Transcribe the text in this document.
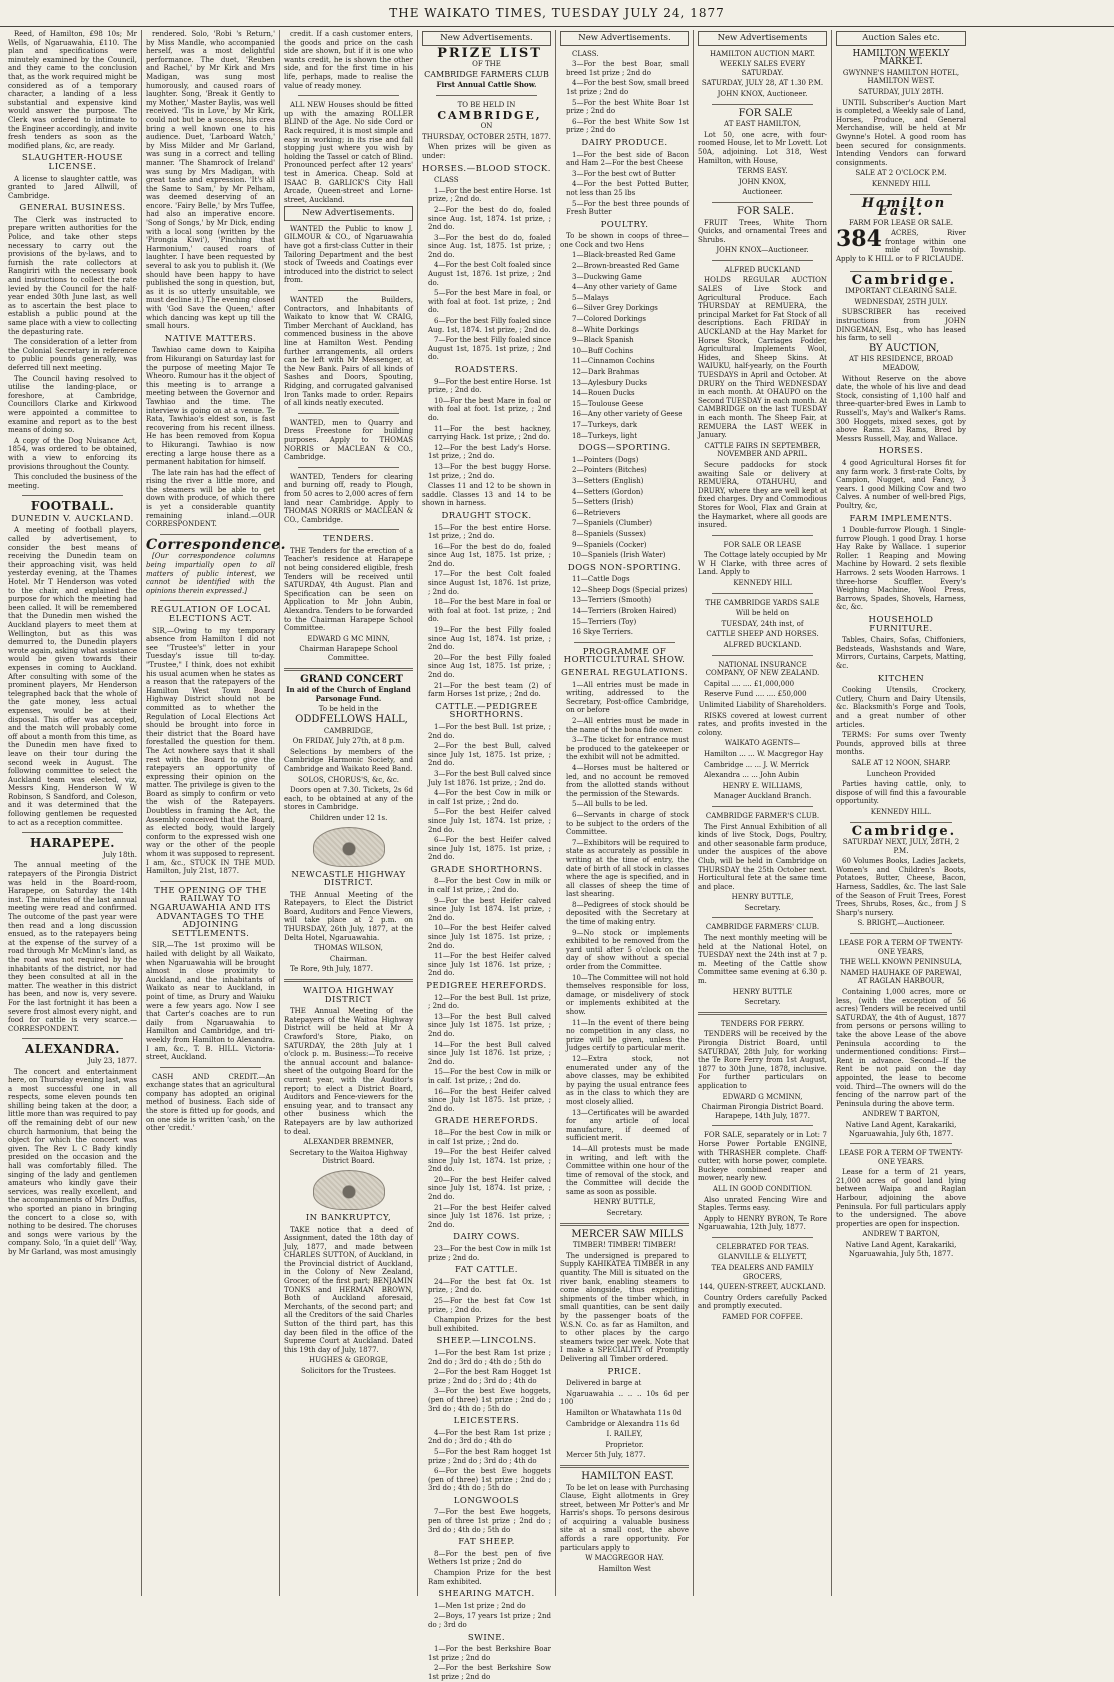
THE WAIKATO TIMES, TUESDAY JULY 24, 1877

Reed, of Hamilton, £98 10s; Mr Wells, of Ngaruawahia, £110. The plan and specifications were minutely examined by the Council, and they came to the conclusion that, as the work required might be considered as of a temporary character, a landing of a less substantial and expensive kind would answer the purpose. The Clerk was ordered to intimate to the Engineer accordingly, and invite fresh tenders as soon as the modified plans, &c, are ready.

SLAUGHTER-HOUSE LICENSE.

A license to slaughter cattle, was granted to Jared Allwill, of Cambridge.

GENERAL BUSINESS.

The Clerk was instructed to prepare written authorities for the Police, and take other steps necessary to carry out the provisions of the by-laws, and to furnish the rate collectors at Rangiriri with the necessary book and instructions to collect the rate levied by the Council for the half-year ended 30th June last, as well as to ascertain the best place to establish a public pound at the same place with a view to collecting the depasturing rate.

The consideration of a letter from the Colonial Secretary in reference to public pounds generally, was deferred till next meeting.

The Council having resolved to utilise the landing-place, or foreshore, at Cambridge, Councillors Clarke and Kirkwood were appointed a committee to examine and report as to the best means of doing so.

A copy of the Dog Nuisance Act, 1854, was ordered to be obtained, with a view to enforcing its provisions throughout the County.

This concluded the business of the meeting.

FOOTBALL.
DUNEDIN V. AUCKLAND.

A meeting of football players, called by advertisement, to consider the best means of receiving the Dunedin team on their approaching visit, was held yesterday evening, at the Thames Hotel. Mr T Henderson was voted to the chair, and explained the purpose for which the meeting had been called. It will be remembered that the Dunedin men wished the Auckland players to meet them at Wellington, but as this was demurred to, the Dunedin players wrote again, asking what assistance would be given towards their expenses in coming to Auckland. After consulting with some of the prominent players, Mr Henderson telegraphed back that the whole of the gate money, less actual expenses, would be at their disposal. This offer was accepted, and the match will probably come off about a month from this time, as the Dunedin men have fixed to leave on their tour during the second week in August. The following committee to select the Auckland team was elected, viz, Messrs King, Henderson W W Robinson, S Sandford, and Coleson, and it was determined that the following gentlemen be requested to act as a reception committee.

HARAPEPE.

July 18th.

The annual meeting of the ratepayers of the Pirongia District was held in the Board-room, Harapepe, on Saturday the 14th inst. The minutes of the last annual meeting were read and confirmed. The outcome of the past year were then read and a long discussion ensued, as to the ratepayers being at the expense of the survey of a road through Mr McMinn's land, as the road was not required by the inhabitants of the district, nor had they been consulted at all in the matter. The weather in this district has been, and now is, very severe. For the last fortnight it has been a severe frost almost every night, and food for cattle is very scarce.—CORRESPONDENT.

ALEXANDRA.

July 23, 1877.

The concert and entertainment here, on Thursday evening last, was a most successful one in all respects, some eleven pounds ten shilling being taken at the door, a little more than was required to pay off the remaining debt of our new church harmonium, that being the object for which the concert was given. The Rev L C Bady kindly presided on the occasion and the hall was comfortably filled. The singing of the lady and gentlemen amateurs who kindly gave their services, was really excellent, and the accompaniments of Mrs Duffus, who sported an piano in bringing the concert to a close so, with nothing to be desired. The choruses and songs were various by the company. Solo, 'In a quiet dell' 'Way, by Mr Garland, was most amusingly

rendered. Solo, 'Robi 's Return,' by Miss Mandle, who accompanied herself, was a most delightful performance. The duet, 'Reuben and Rachel,' by Mr Kirk and Mrs Madigan, was sung most humorously, and caused roars of laughter. Song, 'Break it Gently to my Mother,' Master Baylis, was well received. 'Tis in Love,' by Mr Kirk, could not but be a success, his crea bring a well known one to his audience. Duet, 'Larboard Watch,' by Miss Milder and Mr Garland, was sung in a correct and telling manner. 'The Shamrock of Ireland' was sung by Mrs Madigan, with great taste and expression. 'It's all the Same to Sam,' by Mr Pelham, was deemed deserving of an encore. 'Fairy Belle,' by Mrs Tuffee, had also an imperative encore. 'Song of Songs,' by Mr Dick, ending with a local song (written by the 'Pirongia Kiwi'), 'Pinching that Harmonium,' caused roars of laughter. I have been requested by several to ask you to publish it. (We should have been happy to have published the song in question, but, as it is so utterly unsuitable, we must decline it.) The evening closed with 'God Save the Queen,' after which dancing was kept up till the small hours.

NATIVE MATTERS.

Tawhiao came down to Kaipiha from Hikurangi on Saturday last for the purpose of meeting Major Te Wheoro. Rumour has it the object of this meeting is to arrange a meeting between the Governor and Tawhiao and the time. The interview is going on at a venue. Te Rata, Tawhiao's eldest son, is fast recovering from his recent illness. He has been removed from Kopua to Hikurangi. Tawhiao is now erecting a large house there as a permanent habitation for himself.

The late rain has had the effect of rising the river a little more, and the steamers will be able to get down with produce, of which there is yet a considerable quantity remaining inland.—OUR CORRESPONDENT.

Correspondence.

[Our correspondence columns being impartially open to all matters of public interest, we cannot be identified with the opinions therein expressed.]

REGULATION OF LOCAL ELECTIONS ACT.

SIR,—Owing to my temporary absence from Hamilton I did not see "Trustee's" letter in your Tuesday's issue till to-day. "Trustee," I think, does not exhibit his usual acumen when he states as a reason that the ratepayers of the Hamilton West Town Board Highway District should not be committed as to whether the Regulation of Local Elections Act should be brought into force in their district that the Board have forestalled the question for them. The Act nowhere says that it shall rest with the Board to give the ratepayers an opportunity of expressing their opinion on the matter. The privilege is given to the Board as simply to confirm or veto the wish of the Ratepayers. Doubtless in framing the Act, the Assembly conceived that the Board, as elected body, would largely conform to the expressed wish one way or the other of the people whom it was supposed to represent. I am, &c., STUCK IN THE MUD. Hamilton, July 21st, 1877.

THE OPENING OF THE RAILWAY TO NGARUAWAHIA AND ITS ADVANTAGES TO THE ADJOINING SETTLEMENTS.

SIR,—The 1st proximo will be hailed with delight by all Waikato, when Ngaruawahia will be brought almost in close proximity to Auckland, and the inhabitants of Waikato as near to Auckland, in point of time, as Drury and Waiuku were a few years ago. Now I see that Carter's coaches are to run daily from Ngaruawahia to Hamilton and Cambridge, and tri-weekly from Hamilton to Alexandra. I am, &c., T. B. HILL. Victoria-street, Auckland.

CASH AND CREDIT.—An exchange states that an agricultural company has adopted an original method of business. Each side of the store is fitted up for goods, and on one side is written 'cash,' on the other 'credit.'

credit. If a cash customer enters, the goods and price on the cash side are shown, but if it is one who wants credit, he is shown the other side, and for the first time in his life, perhaps, made to realise the value of ready money.

ALL NEW Houses should be fitted up with the amazing ROLLER BLIND of the Age. No side Cord or Rack required, it is most simple and easy in working; in its rise and fall stopping just where you wish by holding the Tassel or catch of Blind. Pronounced perfect after 12 years' test in America. Cheap. Sold at ISAAC B. GARLICK'S City Hall Arcade, Queen-street and Lorne-street, Auckland.

New Advertisements.

WANTED the Public to know J. GILMOUR & CO., of Ngaruawahia have got a first-class Cutter in their Tailoring Department and the best stock of Tweeds and Coatings ever introduced into the district to select from.

WANTED the Builders, Contractors, and Inhabitants of Waikato to know that W. CRAIG, Timber Merchant of Auckland, has commenced business in the above line at Hamilton West. Pending further arrangements, all orders can be left with Mr Messenger, at the New Bank. Pairs of all kinds of Sashes and Doors, Spouting, Ridging, and corrugated galvanised Iron Tanks made to order. Repairs of all kinds neatly executed.

WANTED, men to Quarry and Dress Freestone for building purposes. Apply to THOMAS NORRIS or MACLEAN & CO., Cambridge.

WANTED, Tenders for clearing and burning off, ready to Plough, from 50 acres to 2,000 acres of fern land near Cambridge. Apply to THOMAS NORRIS or MACLEAN & CO., Cambridge.

TENDERS.

THE Tenders for the erection of a Teacher's residence at Harapepe not being considered eligible, fresh Tenders will be received until SATURDAY, 4th August. Plan and Specification can be seen on Application to Mr John Aubin, Alexandra. Tenders to be forwarded to the Chairman Harapepe School Committee.

EDWARD G MC MINN,

Chairman Harapepe School Committee.

GRAND CONCERT

In aid of the Church of England Parsonage Fund.

To be held in the

ODDFELLOWS HALL,

CAMBRIDGE,

On FRIDAY, July 27th, at 8 p.m.

Selections by members of the Cambridge Harmonic Society, and Cambridge and Waikato Reed Band.

SOLOS, CHORUS'S, &c, &c.

Doors open at 7.30. Tickets, 2s 6d each, to be obtained at any of the stores in Cambridge.

Children under 12 1s.

NEWCASTLE HIGHWAY DISTRICT.

THE Annual Meeting of the Ratepayers, to Elect the District Board, Auditors and Fence Viewers, will take place at 2 p.m. on THURSDAY, 26th July, 1877, at the Delta Hotel, Ngaruawahia.

THOMAS WILSON,

Chairman.

Te Rore, 9th July, 1877.

WAITOA HIGHWAY DISTRICT

THE Annual Meeting of the Ratepayers of the Waitoa Highway District will be held at Mr A Crawford's Store, Piako, on SATURDAY, the 28th July at 1 o'clock p. m. Business:—To receive the annual account and balance-sheet of the outgoing Board for the current year, with the Auditor's report; to elect a District Board, Auditors and Fence-viewers for the ensuing year, and to transact any other business which the Ratepayers are by law authorized to deal.

ALEXANDER BREMNER,

Secretary to the Waitoa Highway District Board.

IN BANKRUPTCY,

TAKE notice that a deed of Assignment, dated the 18th day of July, 1877, and made between CHARLES SUTTON, of Auckland, in the Provincial district of Auckland, in the Colony of New Zealand, Grocer, of the first part; BENJAMIN TONKS and HERMAN BROWN, Both of Auckland aforesaid, Merchants, of the second part; and all the Creditors of the said Charles Sutton of the third part, has this day been filed in the office of the Supreme Court at Auckland. Dated this 19th day of July, 1877.

HUGHES & GEORGE,

Solicitors for the Trustees.

New Advertisements.

PRIZE LIST

OF THE

CAMBRIDGE FARMERS CLUB

First Annual Cattle Show.

TO BE HELD IN

CAMBRIDGE,

ON

THURSDAY, OCTOBER 25TH, 1877.

When prizes will be given as under:

HORSES.—BLOOD STOCK.

CLASS

1—For the best entire Horse. 1st prize, ; 2nd do.

2—For the best do do, foaled since Aug. 1st, 1874. 1st prize, ; 2nd do.

3—For the best do do, foaled since Aug. 1st, 1875. 1st prize, ; 2nd do.

4—For the best Colt foaled since August 1st, 1876. 1st prize, ; 2nd do.

5—For the best Mare in foal, or with foal at foot. 1st prize, ; 2nd do.

6—For the best Filly foaled since Aug. 1st, 1874. 1st prize, ; 2nd do.

7—For the best Filly foaled since August 1st, 1875. 1st prize, ; 2nd do.

ROADSTERS.

9—For the best entire Horse. 1st prize, ; 2nd do.

10—For the best Mare in foal or with foal at foot. 1st prize, ; 2nd do.

11—For the best hackney, carrying Hack. 1st prize, ; 2nd do.

12—For the best Lady's Horse. 1st prize, ; 2nd do.

13—For the best buggy Horse. 1st prize, ; 2nd do.

Classes 11 and 12 to be shown in saddle. Classes 13 and 14 to be shown in harness.

DRAUGHT STOCK.

15—For the best entire Horse. 1st prize, ; 2nd do.

16—For the best do do, foaled since Aug 1st, 1875. 1st prize, ; 2nd do.

17—For the best Colt foaled since August 1st, 1876. 1st prize, ; 2nd do.

18—For the best Mare in foal or with foal at foot. 1st prize, ; 2nd do.

19—For the best Filly foaled since Aug 1st, 1874. 1st prize, ; 2nd do.

20—For the best Filly foaled since Aug 1st, 1875. 1st prize, ; 2nd do.

21—For the best team (2) of farm Horses 1st prize, ; 2nd do.

CATTLE.—PEDIGREE SHORTHORNS.

1—For the best Bull. 1st prize, ; 2nd do.

2—For the best Bull, calved since July 1st, 1875. 1st prize, ; 2nd do.

3—For the best Bull calved since July 1st 1876. 1st prize, ; 2nd do.

4—For the best Cow in milk or in calf 1st prize, ; 2nd do.

5—For the best Heifer calved since July 1st, 1874. 1st prize, ; 2nd do.

6—For the best Heifer calved since July 1st, 1875. 1st prize, ; 2nd do.

GRADE SHORTHORNS.

8—For the best Cow in milk or in calf 1st prize, ; 2nd do.

9—For the best Heifer calved since July 1st 1874. 1st prize, ; 2nd do.

10—For the best Heifer calved since July 1st 1875. 1st prize, ; 2nd do.

11—For the best Heifer calved since July 1st 1876. 1st prize, ; 2nd do.

PEDIGREE HEREFORDS.

12—For the best Bull. 1st prize, ; 2nd do.

13—For the best Bull calved since July 1st 1875. 1st prize, ; 2nd do.

14—For the best Bull calved since July 1st 1876. 1st prize, ; 2nd do.

15—For the best Cow in milk or in calf. 1st prize, ; 2nd do.

16—For the best Heifer calved since July 1st 1875. 1st prize, ; 2nd do.

GRADE HEREFORDS.

18—For the best Cow in milk or in calf 1st prize, ; 2nd do.

19—For the best Heifer calved since July 1st, 1874. 1st prize, ; 2nd do.

20—For the best Heifer calved since July 1st, 1874. 1st prize, ; 2nd do.

21—For the best Heifer calved since July 1st 1876. 1st prize, ; 2nd do.

DAIRY COWS.

23—For the best Cow in milk 1st prize ; 2nd do.

FAT CATTLE.

24—For the best fat Ox. 1st prize, ; 2nd do.

25—For the best fat Cow 1st prize, ; 2nd do.

Champion Prizes for the best bull exhibited.

SHEEP.—LINCOLNS.

1—For the best Ram 1st prize ; 2nd do ; 3rd do ; 4th do ; 5th do

2—For the best Ram Hogget 1st prize ; 2nd do ; 3rd do ; 4th do

3—For the best Ewe hoggets, (pen of three) 1st prize ; 2nd do ; 3rd do ; 4th do ; 5th do

LEICESTERS.

4—For the best Ram 1st prize ; 2nd do ; 3rd do ; 4th do

5—For the best Ram hogget 1st prize ; 2nd do ; 3rd do ; 4th do

6—For the best Ewe hoggets (pen of three) 1st prize ; 2nd do ; 3rd do ; 4th do ; 5th do

LONGWOOLS

7—For the best Ewe hoggets, pen of three 1st prize ; 2nd do ; 3rd do ; 4th do ; 5th do

FAT SHEEP.

8—For the best pen of five Wethers 1st prize ; 2nd do

Champion Prize for the best Ram exhibited.

SHEARING MATCH.

1—Men 1st prize ; 2nd do

2—Boys, 17 years 1st prize ; 2nd do ; 3rd do

SWINE.

1—For the best Berkshire Boar 1st prize ; 2nd do

2—For the best Berkshire Sow 1st prize ; 2nd do

New Advertisements.

CLASS.

3—For the best Boar, small breed 1st prize ; 2nd do

4—For the best Sow, small breed 1st prize ; 2nd do

5—For the best White Boar 1st prize ; 2nd do

6—For the best White Sow 1st prize ; 2nd do

DAIRY PRODUCE.

1—For the best side of Bacon and Ham 2—For the best Cheese

3—For the best cwt of Butter

4—For the best Potted Butter, not less than 25 lbs

5—For the best three pounds of Fresh Butter

POULTRY.

To be shown in coops of three—one Cock and two Hens

1—Black-breasted Red Game

2—Brown-breasted Red Game

3—Duckwing Game

4—Any other variety of Game

5—Malays

6—Silver Grey Dorkings

7—Colored Dorkings

8—White Dorkings

9—Black Spanish

10—Buff Cochins

11—Cinnamon Cochins

12—Dark Brahmas

13—Aylesbury Ducks

14—Rouen Ducks

15—Toulouse Geese

16—Any other variety of Geese

17—Turkeys, dark

18—Turkeys, light

DOGS—SPORTING.

1—Pointers (Dogs)

2—Pointers (Bitches)

3—Setters (English)

4—Setters (Gordon)

5—Setters (Irish)

6—Retrievers

7—Spaniels (Clumber)

8—Spaniels (Sussex)

9—Spaniels (Cocker)

10—Spaniels (Irish Water)

DOGS NON-SPORTING.

11—Cattle Dogs

12—Sheep Dogs (Special prizes)

13—Terriers (Smooth)

14—Terriers (Broken Haired)

15—Terriers (Toy)

16 Skye Terriers.

PROGRAMME OF HORTICULTURAL SHOW.
GENERAL REGULATIONS.

1—All entries must be made in writing, addressed to the Secretary, Post-office Cambridge, on or before

2—All entries must be made in the name of the bona fide owner.

3—The ticket for entrance must be produced to the gatekeeper or the exhibit will not be admitted.

4—Horses must be haltered or led, and no account be removed from the allotted stands without the permission of the Stewards.

5—All bulls to be led.

6—Servants in charge of stock to be subject to the orders of the Committee.

7—Exhibitors will be required to state as accurately as possible in writing at the time of entry, the date of birth of all stock in classes where the age is specified, and in all classes of sheep the time of last shearing.

8—Pedigrees of stock should be deposited with the Secretary at the time of making entry.

9—No stock or implements exhibited to be removed from the yard until after 5 o'clock on the day of show without a special order from the Committee.

10—The Committee will not hold themselves responsible for loss, damage, or misdelivery of stock or implements exhibited at the show.

11—In the event of there being no competition in any class, no prize will be given, unless the Judges certify to particular merit.

12—Extra stock, not enumerated under any of the above classes, may be exhibited by paying the usual entrance fees as in the class to which they are most closely allied.

13—Certificates will be awarded for any article of local manufacture, if deemed of sufficient merit.

14—All protests must be made in writing, and left with the Committee within one hour of the time of removal of the stock, and the Committee will decide the same as soon as possible.

HENRY BUTTLE,

Secretary.

MERCER SAW MILLS

TIMBER! TIMBER! TIMBER!

The undersigned is prepared to Supply KAHIKATEA TIMBER in any quantity. The Mill is situated on the river bank, enabling steamers to come alongside, thus expediting shipments of the timber which, in small quantities, can be sent daily by the passenger boats of the W.S.N. Co. as far as Hamilton, and to other places by the cargo steamers twice per week. Note that I make a SPECIALITY of Promptly Delivering all Timber ordered.

PRICE.

Delivered in barge at

Ngaruawahia .. .. .. 10s 6d per 100

Hamilton or Whatawhata 11s 0d

Cambridge or Alexandra 11s 6d

I. RAILEY,

Proprietor.

Mercer 5th July, 1877.

HAMILTON EAST.

To be let on lease with Purchasing Clause, Eight allotments in Grey street, between Mr Potter's and Mr Harris's shops. To persons desirous of acquiring a valuable business site at a small cost, the above affords a rare opportunity. For particulars apply to

W MACGREGOR HAY.

Hamilton West

New Advertisements

HAMILTON AUCTION MART.

WEEKLY SALES EVERY SATURDAY.

SATURDAY, JULY 28, AT 1.30 P.M.

JOHN KNOX, Auctioneer.

FOR SALE

AT EAST HAMILTON,

Lot 50, one acre, with four-roomed House, let to Mr Lovett. Lot 50A, adjoining. Lot 318, West Hamilton, with House,

TERMS EASY.

JOHN KNOX,

Auctioneer.

FOR SALE.

FRUIT Trees, White Thorn Quicks, and ornamental Trees and Shrubs.

JOHN KNOX—Auctioneer.

ALFRED BUCKLAND

HOLDS REGULAR AUCTION SALES of Live Stock and Agricultural Produce. Each THURSDAY at REMUERA, the principal Market for Fat Stock of all descriptions. Each FRIDAY in AUCKLAND at the Hay Market for Horse Stock, Carriages Fodder, Agricultural Implements Wool, Hides, and Sheep Skins. At WAIUKU, half-yearly, on the Fourth TUESDAYS in April and October. At DRURY on the Third WEDNESDAY in each month. At OHAUPO on the Second TUESDAY in each month. At CAMBRIDGE on the last TUESDAY in each month. The Sheep Fair, at REMUERA the LAST WEEK in January.

CATTLE FAIRS IN SEPTEMBER, NOVEMBER AND APRIL.

Secure paddocks for stock awaiting Sale or delivery at REMUERA, OTAHUHU, and DRURY, where they are well kept at fixed charges. Dry and Commodious Stores for Wool, Flax and Grain at the Haymarket, where all goods are insured.

FOR SALE OR LEASE

The Cottage lately occupied by Mr W H Clarke, with three acres of Land. Apply to

KENNEDY HILL

THE CAMBRIDGE YARDS SALE

Will be held on

TUESDAY, 24th inst, of

CATTLE SHEEP AND HORSES.

ALFRED BUCKLAND.

NATIONAL INSURANCE COMPANY, OF NEW ZEALAND.

Capital .... .... £1,000,000

Reserve Fund .... .... £50,000

Unlimited Liability of Shareholders.

RISKS covered at lowest current rates, and profits invested in the colony.

WAIKATO AGENTS—

Hamilton ... ... W. Macgregor Hay

Cambridge ... ... J. W. Merrick

Alexandra ... ... John Aubin

HENRY E. WILLIAMS,

Manager Auckland Branch.

CAMBRIDGE FARMER'S CLUB.

The First Annual Exhibition of all kinds of live Stock, Dogs, Poultry, and other seasonable farm produce, under the auspices of the above Club, will be held in Cambridge on THURSDAY the 25th October next. Horticultural fete at the same time and place.

HENRY BUTTLE,

Secretary.

CAMBRIDGE FARMERS' CLUB.

The next monthly meeting will be held at the National Hotel, on TUESDAY next the 24th inst at 7 p. m. Meeting of the Cattle show Committee same evening at 6.30 p. m.

HENRY BUTTLE

Secretary.

TENDERS FOR FERRY.

TENDERS will be received by the Pirongia District Board, until SATURDAY, 28th July, for working the Te Rore Ferry from 1st August, 1877 to 30th June, 1878, inclusive. For further particulars on application to

EDWARD G MCMINN,

Chairman Pirongia District Board. Harapepe, 14th July, 1877.

FOR SALE, separately or in Lot: 7 Horse Power Portable ENGINE, with THRASHER complete. Chaff-cutter, with horse power, complete. Buckeye combined reaper and mower, nearly new.

ALL IN GOOD CONDITION.

Also unrated Fencing Wire and Staples. Terms easy.

Apply to HENRY BYRON, Te Rore Ngaruawahia, 12th July, 1877.

CELEBRATED FOR TEAS.

GLANVILLE & ELLYETT,

TEA DEALERS AND FAMILY GROCERS,

144, QUEEN-STREET, AUCKLAND.

Country Orders carefully Packed and promptly executed.

FAMED FOR COFFEE.

Auction Sales etc.

HAMILTON WEEKLY MARKET.

GWYNNE'S HAMILTON HOTEL, HAMILTON WEST.

SATURDAY, JULY 28TH.

UNTIL Subscriber's Auction Mart is completed, a Weekly sale of Land, Horses, Produce, and General Merchandise, will be held at Mr Gwynne's Hotel. A good room has been secured for consignments. Intending Vendors can forward consignments.

SALE AT 2 O'CLOCK P.M.

KENNEDY HILL

Hamilton East.

FARM FOR LEASE OR SALE.

384	ACRES, River frontage within one mile of Township. Apply to K HILL or to F RICLAUDE.

Cambridge.

IMPORTANT CLEARING SALE.

WEDNESDAY, 25TH JULY.

SUBSCRIBER has received instructions from JOHN DINGEMAN, Esq., who has leased his farm, to sell

BY AUCTION,

AT HIS RESIDENCE, BROAD MEADOW,

Without Reserve on the above date, the whole of his live and dead Stock, consisting of 1,100 half and three-quarter-bred Ewes in Lamb to Russell's, May's and Walker's Rams. 300 Hoggets, mixed sexes, got by above Rams. 23 Rams, Bred by Messrs Russell, May, and Wallace.

HORSES.

4 good Agricultural Horses fit for any farm work. 3 first-rate Colts, by Campion, Nugget, and Fancy, 3 years. 1 good Milking Cow and two Calves. A number of well-bred Pigs, Poultry, &c,

FARM IMPLEMENTS.

1 Double-furrow Plough. 1 Single-furrow Plough. 1 good Dray. 1 horse Hay Rake by Wallace. 1 superior Roller. 1 Reaping and Mowing Machine by Howard. 2 sets flexible Harrows. 2 sets Wooden Harrows. 1 three-horse Scuffler. Every's Weighing Machine, Wool Press, Barrows, Spades, Shovels, Harness, &c, &c.

HOUSEHOLD FURNITURE.

Tables, Chairs, Sofas, Chiffoniers, Bedsteads, Washstands and Ware, Mirrors, Curtains, Carpets, Matting, &c.

KITCHEN

Cooking Utensils, Crockery, Cutlery, Churn and Dairy Utensils, &c. Blacksmith's Forge and Tools, and a great number of other articles.

TERMS: For sums over Twenty Pounds, approved bills at three months.

SALE AT 12 NOON, SHARP.

Luncheon Provided

Parties having cattle, only, to dispose of will find this a favourable opportunity.

KENNEDY HILL.

Cambridge.

SATURDAY NEXT, JULY, 28TH, 2 P.M.

60 Volumes Books, Ladies Jackets, Women's and Children's Boots, Potatoes, Butter, Cheese, Bacon, Harness, Saddles, &c. The last Sale of the Season of Fruit Trees, Forest Trees, Shrubs, Roses, &c., from J S Sharp's nursery.

S. BRIGHT,—Auctioneer.

LEASE FOR A TERM OF TWENTY-ONE YEARS,

THE WELL KNOWN PENINSULA,

NAMED HAUHAKE OF PAREWAI, AT RAGLAN HARBOUR,

Containing 1,000 acres, more or less, (with the exception of 56 acres) Tenders will be received until SATURDAY, the 4th of August, 1877 from persons or persons willing to take the above Lease of the above Peninsula according to the undermentioned conditions: First—Rent in advance. Second—If the Rent be not paid on the day appointed, the lease to become void. Third—The owners will do the fencing of the narrow part of the Peninsula during the above term.

ANDREW T BARTON,

Native Land Agent, Karakariki, Ngaruawahia, July 6th, 1877.

LEASE FOR A TERM OF TWENTY-ONE YEARS.

Lease for a term of 21 years, 21,000 acres of good land lying between Waipa and Raglan Harbour, adjoining the above Peninsula. For full particulars apply to the undersigned. The above properties are open for inspection.

ANDREW T BARTON,

Native Land Agent, Karakariki, Ngaruawahia, July 5th, 1877.
